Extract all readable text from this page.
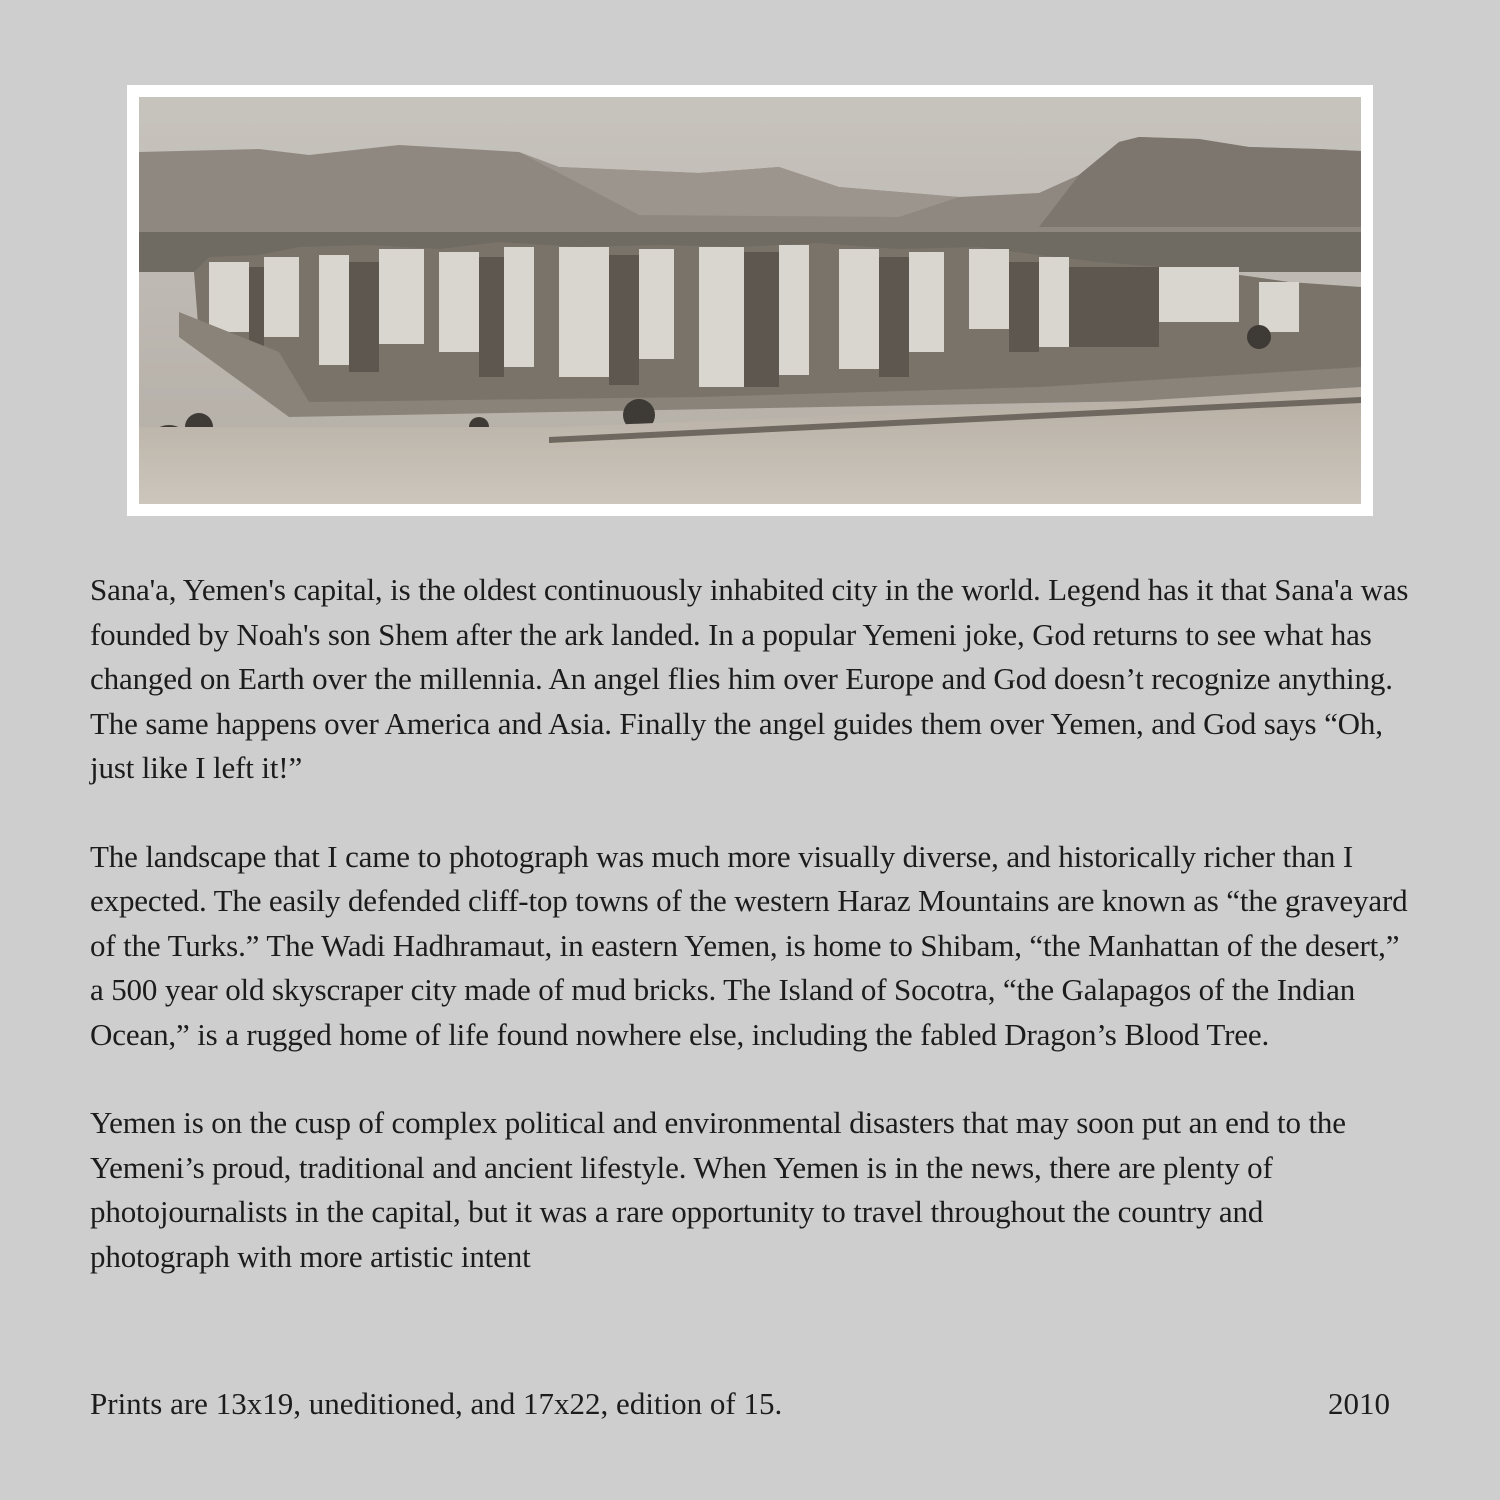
Sana'a, Yemen's capital, is the oldest continuously inhabited city in the world. Legend has it that Sana'a was founded by Noah's son Shem after the ark landed. In a popular Yemeni joke, God returns to see what has changed on Earth over the millennia. An angel flies him over Europe and God doesn’t recognize anything. The same happens over America and Asia. Finally the angel guides them over Yemen, and God says “Oh, just like I left it!”

The landscape that I came to photograph was much more visually diverse, and historically richer than I expected. The easily defended cliff-top towns of the western Haraz Mountains are known as “the graveyard of the Turks.” The Wadi Hadhramaut, in eastern Yemen, is home to Shibam, “the Manhattan of the desert,” a 500 year old skyscraper city made of mud bricks. The Island of Socotra, “the Galapagos of the Indian Ocean,” is a rugged home of life found nowhere else, including the fabled Dragon’s Blood Tree.

Yemen is on the cusp of complex political and environmental disasters that may soon put an end to the Yemeni’s proud, traditional and ancient lifestyle. When Yemen is in the news, there are plenty of photojournalists in the capital, but it was a rare opportunity to travel throughout the country and photograph with more artistic intent

Prints are 13x19, uneditioned, and 17x22, edition of 15.	2010
